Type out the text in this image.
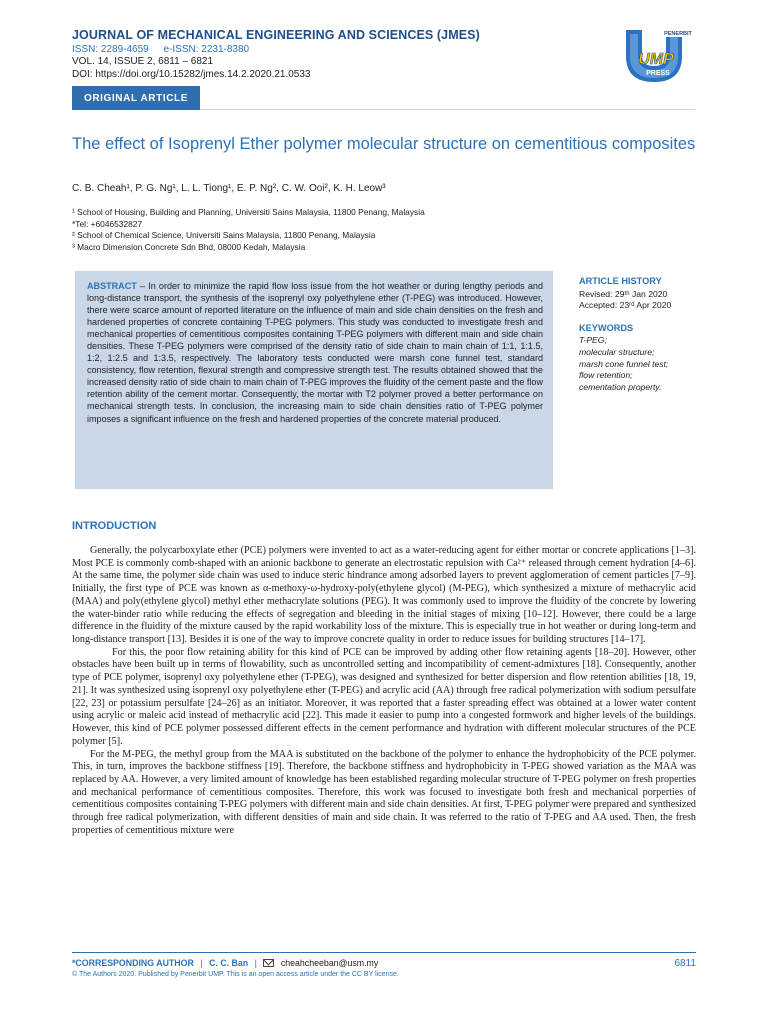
JOURNAL OF MECHANICAL ENGINEERING AND SCIENCES (JMES)
ISSN: 2289-4659 e-ISSN: 2231-8380
VOL. 14, ISSUE 2, 6811 – 6821
DOI: https://doi.org/10.15282/jmes.14.2.2020.21.0533
PENERBIT
UMP
PRESS
ORIGINAL ARTICLE
The effect of Isoprenyl Ether polymer molecular structure on cementitious composites
C. B. Cheah¹, P. G. Ng¹, L. L. Tiong¹, E. P. Ng², C. W. Ooi², K. H. Leow³
¹ School of Housing, Building and Planning, Universiti Sains Malaysia, 11800 Penang, Malaysia
*Tel: +6046532827
² School of Chemical Science, Universiti Sains Malaysia, 11800 Penang, Malaysia
³ Macro Dimension Concrete Sdn Bhd, 08000 Kedah, Malaysia
ABSTRACT – In order to minimize the rapid flow loss issue from the hot weather or during lengthy periods and long-distance transport, the synthesis of the isoprenyl oxy polyethylene ether (T-PEG) was introduced. However, there were scarce amount of reported literature on the influence of main and side chain densities on the fresh and hardened properties of concrete containing T-PEG polymers. This study was conducted to investigate fresh and mechanical properties of cementitious composites containing T-PEG polymers with different main and side chain densities. These T-PEG polymers were comprised of the density ratio of side chain to main chain of 1:1, 1:1.5, 1:2, 1:2.5 and 1:3.5, respectively. The laboratory tests conducted were marsh cone funnel test, standard consistency, flow retention, flexural strength and compressive strength test. The results obtained showed that the increased density ratio of side chain to main chain of T-PEG improves the fluidity of the cement paste and the flow retention ability of the cement mortar. Consequently, the mortar with T2 polymer proved a better performance on mechanical strength tests. In conclusion, the increasing main to side chain densities ratio of T-PEG polymer imposes a significant influence on the fresh and hardened properties of the concrete material produced.
ARTICLE HISTORY
Revised: 29ᵗʰ Jan 2020
Accepted: 23ʳᵈ Apr 2020
KEYWORDS
T-PEG;
molecular structure;
marsh cone funnel test;
flow retention;
cementation property.
INTRODUCTION

Generally, the polycarboxylate ether (PCE) polymers were invented to act as a water-reducing agent for either mortar or concrete applications [1–3]. Most PCE is commonly comb-shaped with an anionic backbone to generate an electrostatic repulsion with Ca²⁺ released through cement hydration [4–6]. At the same time, the polymer side chain was used to induce steric hindrance among adsorbed layers to prevent agglomeration of cement particles [7–9]. Initially, the first type of PCE was known as α-methoxy-ω-hydroxy-poly(ethylene glycol) (M-PEG), which synthesized a mixture of methacrylic acid (MAA) and poly(ethylene glycol) methyl ether methacrylate solutions (PEG). It was commonly used to improve the fluidity of the concrete by lowering the water-binder ratio while reducing the effects of segregation and bleeding in the initial stages of mixing [10–12]. However, there could be a large difference in the fluidity of the mixture caused by the rapid workability loss of the mixture. This is especially true in hot weather or during long-term and long-distance transport [13]. Besides it is one of the way to improve concrete quality in order to reduce issues for building structures [14–17].

For this, the poor flow retaining ability for this kind of PCE can be improved by adding other flow retaining agents [18–20]. However, other obstacles have been built up in terms of flowability, such as uncontrolled setting and incompatibility of cement-admixtures [18]. Consequently, another type of PCE polymer, isoprenyl oxy polyethylene ether (T-PEG), was designed and synthesized for better dispersion and flow retention abilities [18, 19, 21]. It was synthesized using isoprenyl oxy polyethylene ether (T-PEG) and acrylic acid (AA) through free radical polymerization with sodium persulfate [22, 23] or potassium persulfate [24–26] as an initiator. Moreover, it was reported that a faster spreading effect was obtained at a lower water content using acrylic or maleic acid instead of methacrylic acid [22]. This made it easier to pump into a congested formwork and higher levels of the buildings. However, this kind of PCE polymer possessed different effects in the cement performance and hydration with different molecular structures of the PCE polymer [5].

For the M-PEG, the methyl group from the MAA is substituted on the backbone of the polymer to enhance the hydrophobicity of the PCE polymer. This, in turn, improves the backbone stiffness [19]. Therefore, the backbone stiffness and hydrophobicity in T-PEG showed variation as the MAA was replaced by AA. However, a very limited amount of knowledge has been established regarding molecular structure of T-PEG polymer on fresh properties and mechanical performance of cementitious composites. Therefore, this work was focused to investigate both fresh and mechanical porperties of cementitious composites containing T-PEG polymers with different main and side chain densities. At first, T-PEG polymer were prepared and synthesized through free radical polymerization, with different densities of main and side chain. It was referred to the ratio of T-PEG and AA used. Then, the fresh properties of cementitious mixture were

*CORRESPONDING AUTHOR | C. C. Ban |	cheahcheeban@usm.my	6811
© The Authors 2020. Published by Penerbit UMP. This is an open access article under the CC BY license.
